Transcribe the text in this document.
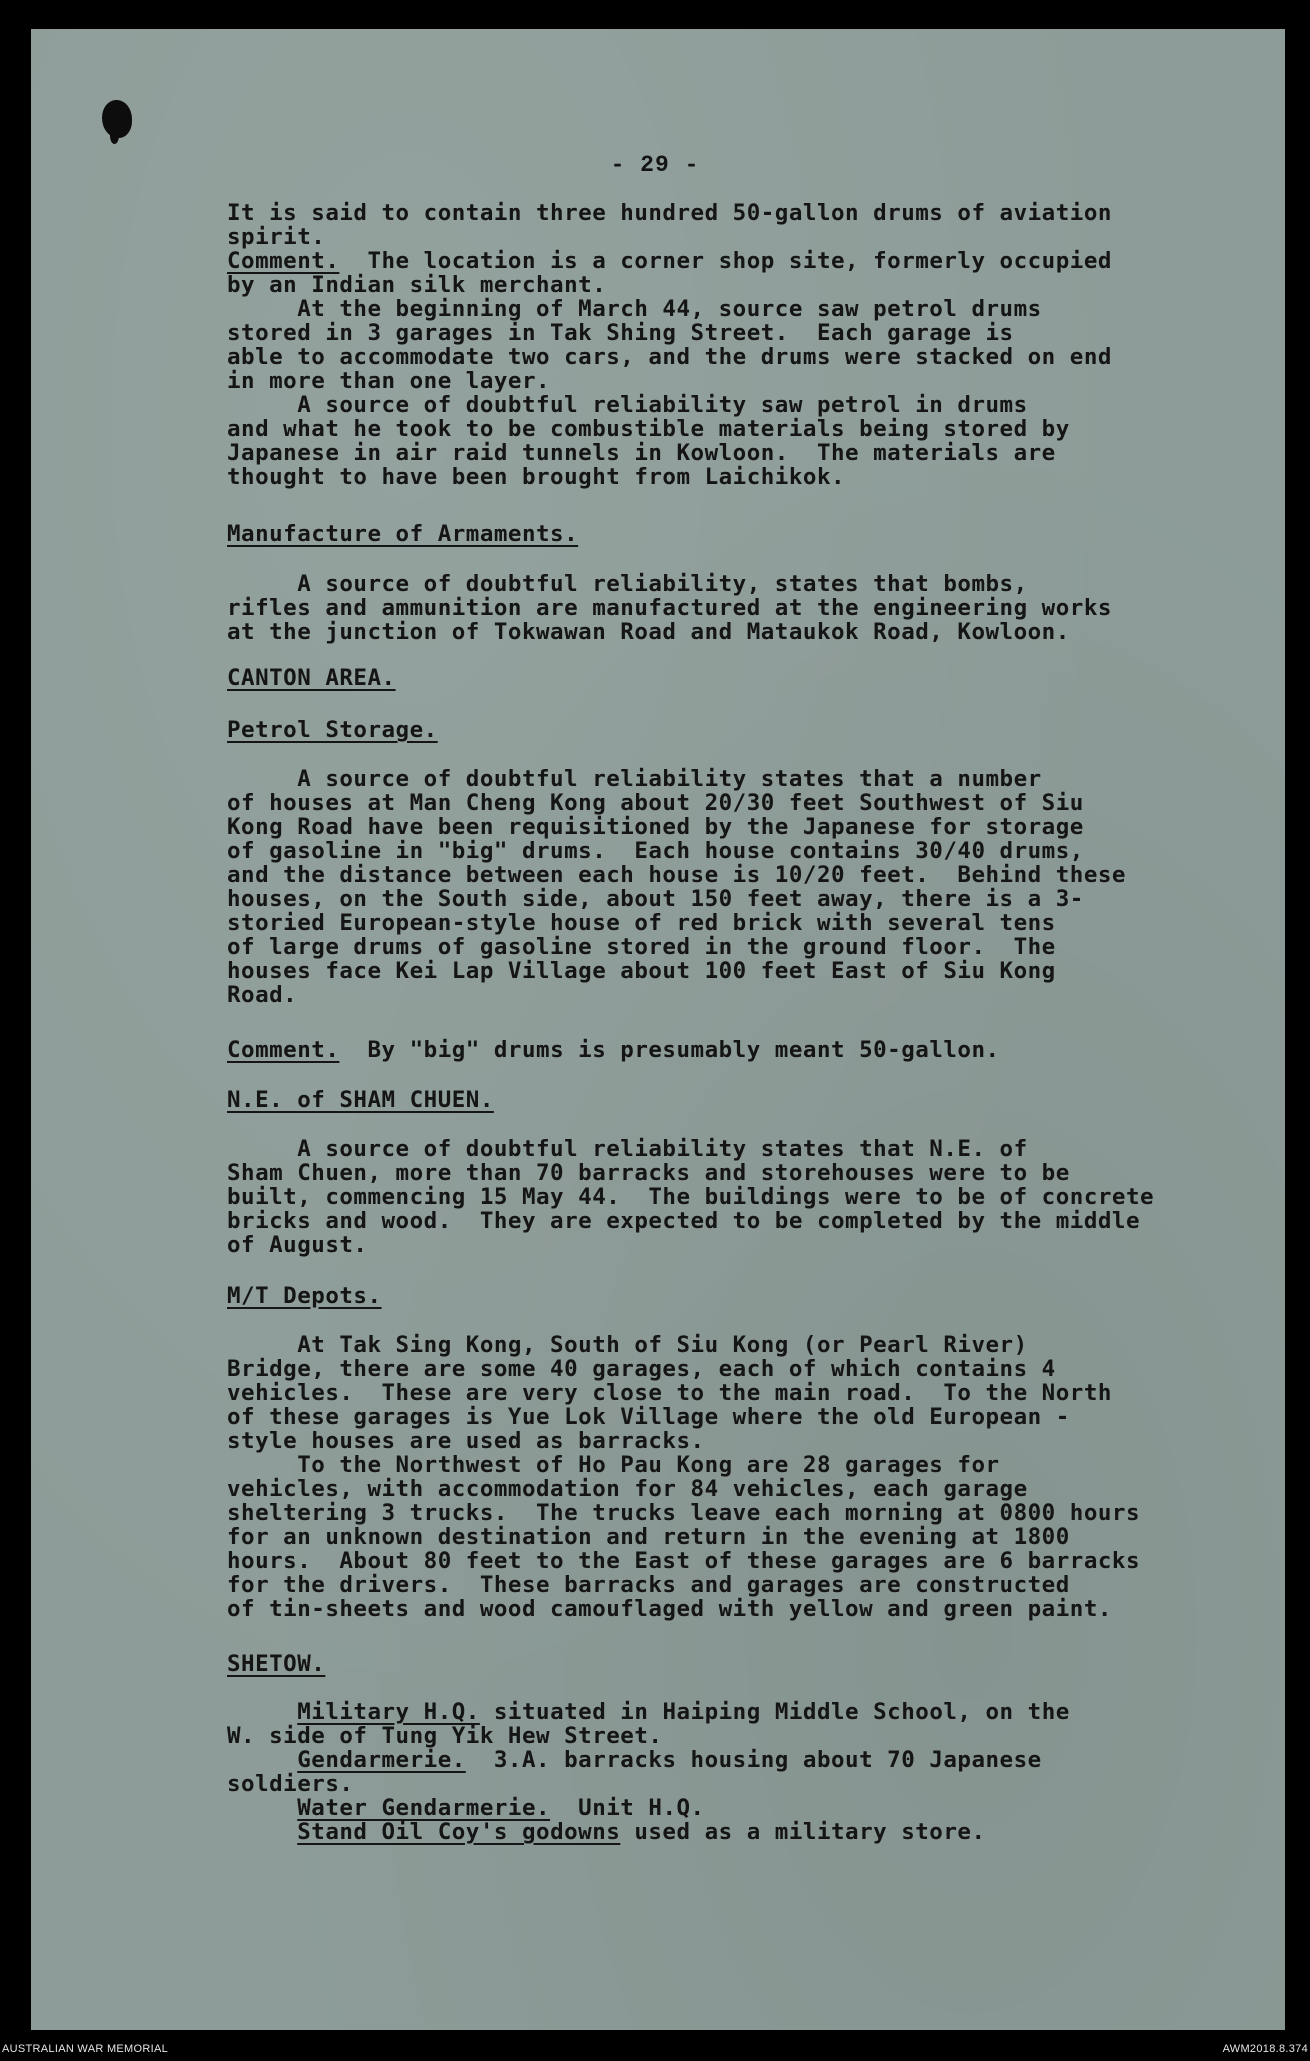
- 29 -
It is said to contain three hundred 50-gallon drums of aviation
spirit.
Comment.  The location is a corner shop site, formerly occupied
by an Indian silk merchant.
At the beginning of March 44, source saw petrol drums
stored in 3 garages in Tak Shing Street.  Each garage is
able to accommodate two cars, and the drums were stacked on end
in more than one layer.
A source of doubtful reliability saw petrol in drums
and what he took to be combustible materials being stored by
Japanese in air raid tunnels in Kowloon.  The materials are
thought to have been brought from Laichikok.
Manufacture of Armaments.
A source of doubtful reliability, states that bombs,
rifles and ammunition are manufactured at the engineering works
at the junction of Tokwawan Road and Mataukok Road, Kowloon.
CANTON AREA.
Petrol Storage.
A source of doubtful reliability states that a number
of houses at Man Cheng Kong about 20/30 feet Southwest of Siu
Kong Road have been requisitioned by the Japanese for storage
of gasoline in "big" drums.  Each house contains 30/40 drums,
and the distance between each house is 10/20 feet.  Behind these
houses, on the South side, about 150 feet away, there is a 3-
storied European-style house of red brick with several tens
of large drums of gasoline stored in the ground floor.  The
houses face Kei Lap Village about 100 feet East of Siu Kong
Road.
Comment.  By "big" drums is presumably meant 50-gallon.
N.E. of SHAM CHUEN.
A source of doubtful reliability states that N.E. of
Sham Chuen, more than 70 barracks and storehouses were to be
built, commencing 15 May 44.  The buildings were to be of concrete
bricks and wood.  They are expected to be completed by the middle
of August.
M/T Depots.
At Tak Sing Kong, South of Siu Kong (or Pearl River)
Bridge, there are some 40 garages, each of which contains 4
vehicles.  These are very close to the main road.  To the North
of these garages is Yue Lok Village where the old European -
style houses are used as barracks.
To the Northwest of Ho Pau Kong are 28 garages for
vehicles, with accommodation for 84 vehicles, each garage
sheltering 3 trucks.  The trucks leave each morning at 0800 hours
for an unknown destination and return in the evening at 1800
hours.  About 80 feet to the East of these garages are 6 barracks
for the drivers.  These barracks and garages are constructed
of tin-sheets and wood camouflaged with yellow and green paint.
SHETOW.
Military H.Q. situated in Haiping Middle School, on the
W. side of Tung Yik Hew Street.
Gendarmerie.  3.A. barracks housing about 70 Japanese
soldiers.
Water Gendarmerie.  Unit H.Q.
Stand Oil Coy's godowns used as a military store.
AUSTRALIAN WAR MEMORIAL	AWM2018.8.374
